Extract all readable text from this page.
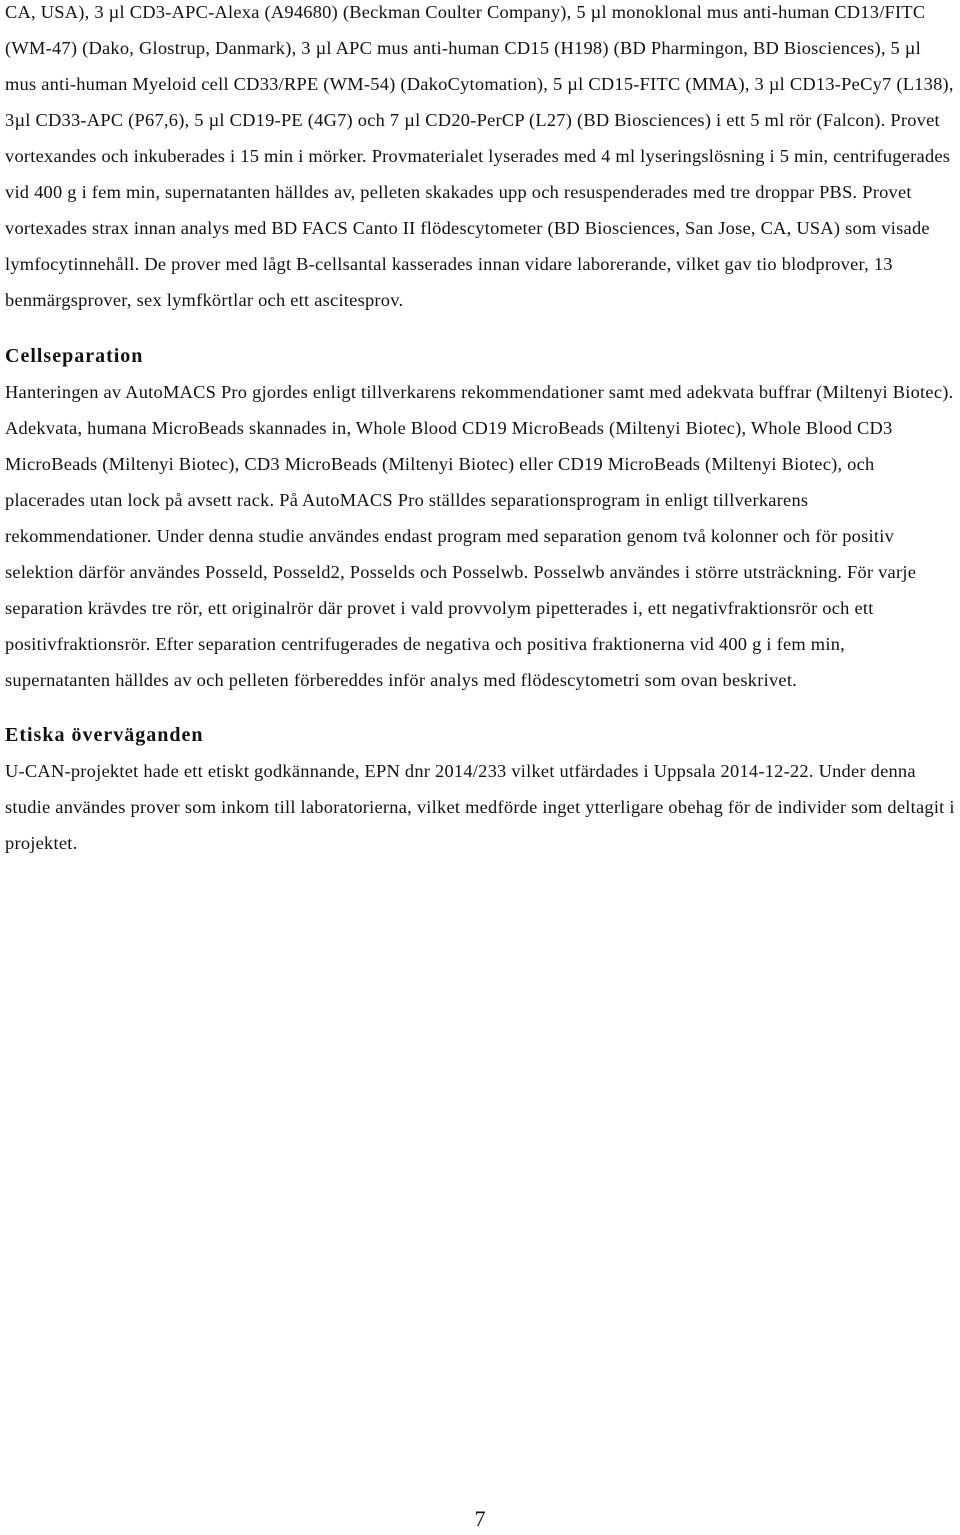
CA, USA), 3 µl CD3-APC-Alexa (A94680) (Beckman Coulter Company), 5 µl monoklonal mus anti-human CD13/FITC (WM-47) (Dako, Glostrup, Danmark), 3 µl APC mus anti-human CD15 (H198) (BD Pharmingon, BD Biosciences), 5 µl mus anti-human Myeloid cell CD33/RPE (WM-54) (DakoCytomation), 5 µl CD15-FITC (MMA), 3 µl CD13-PeCy7 (L138), 3µl CD33-APC (P67,6), 5 µl CD19-PE (4G7) och 7 µl CD20-PerCP (L27) (BD Biosciences) i ett 5 ml rör (Falcon). Provet vortexandes och inkuberades i 15 min i mörker. Provmaterialet lyserades med 4 ml lyseringslösning i 5 min, centrifugerades vid 400 g i fem min, supernatanten hälldes av, pelleten skakades upp och resuspenderades med tre droppar PBS. Provet vortexades strax innan analys med BD FACS Canto II flödescytometer (BD Biosciences, San Jose, CA, USA) som visade lymfocytinnehåll. De prover med lågt B-cellsantal kasserades innan vidare laborerande, vilket gav tio blodprover, 13 benmärgsprover, sex lymfkörtlar och ett ascitesprov.

Cellseparation

Hanteringen av AutoMACS Pro gjordes enligt tillverkarens rekommendationer samt med adekvata buffrar (Miltenyi Biotec). Adekvata, humana MicroBeads skannades in, Whole Blood CD19 MicroBeads (Miltenyi Biotec), Whole Blood CD3 MicroBeads (Miltenyi Biotec), CD3 MicroBeads (Miltenyi Biotec) eller CD19 MicroBeads (Miltenyi Biotec), och placerades utan lock på avsett rack. På AutoMACS Pro ställdes separationsprogram in enligt tillverkarens rekommendationer. Under denna studie användes endast program med separation genom två kolonner och för positiv selektion därför användes Posseld, Posseld2, Posselds och Posselwb. Posselwb användes i större utsträckning. För varje separation krävdes tre rör, ett originalrör där provet i vald provvolym pipetterades i, ett negativfraktionsrör och ett positivfraktionsrör. Efter separation centrifugerades de negativa och positiva fraktionerna vid 400 g i fem min, supernatanten hälldes av och pelleten förbereddes inför analys med flödescytometri som ovan beskrivet.

Etiska överväganden

U-CAN-projektet hade ett etiskt godkännande, EPN dnr 2014/233 vilket utfärdades i Uppsala 2014-12-22. Under denna studie användes prover som inkom till laboratorierna, vilket medförde inget ytterligare obehag för de individer som deltagit i projektet.

7
